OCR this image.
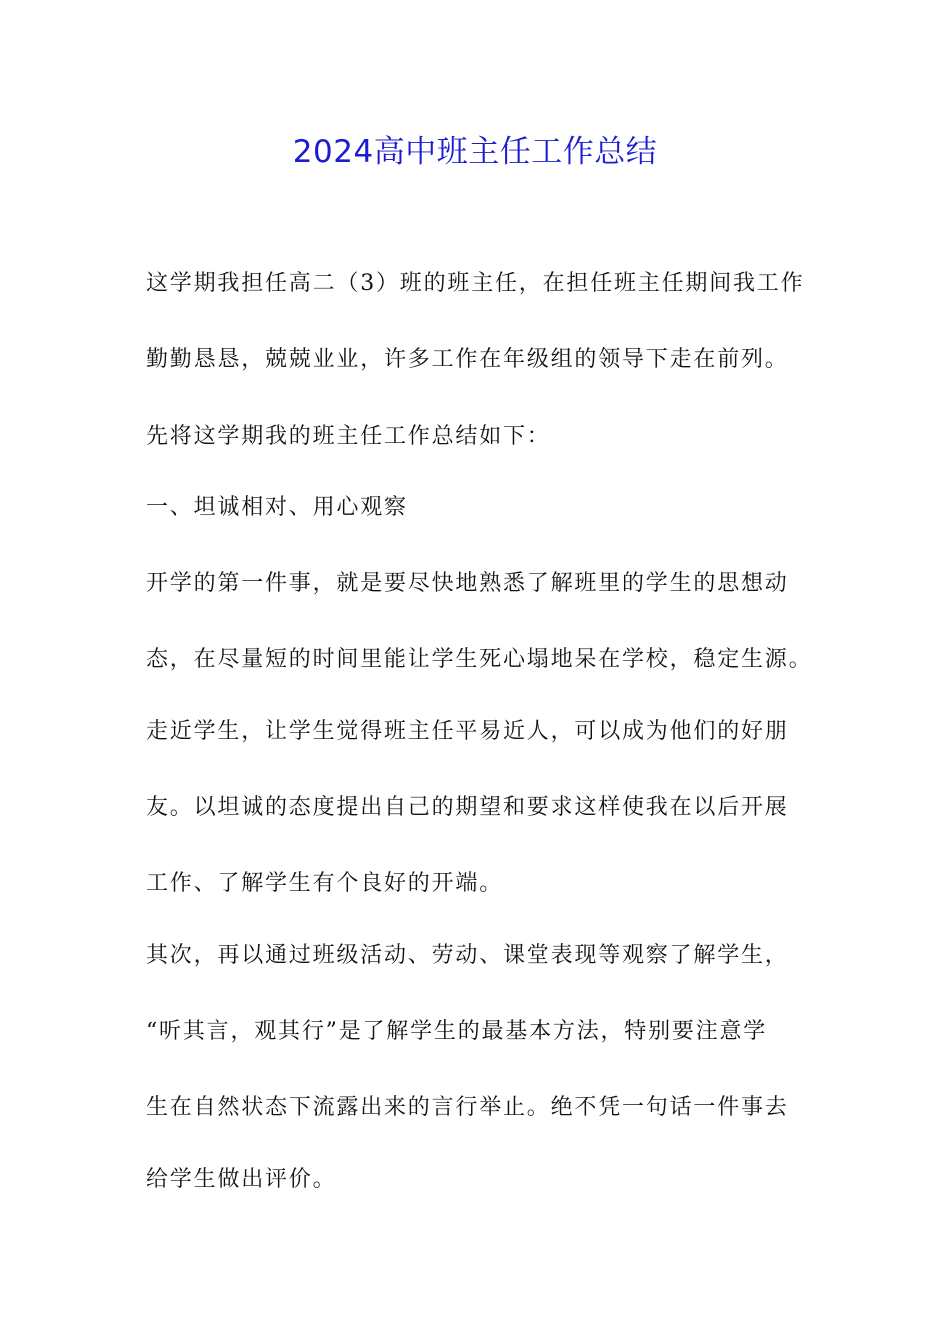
2024高中班主任工作总结
这学期我担任高二（3）班的班主任，在担任班主任期间我工作
勤勤恳恳，兢兢业业，许多工作在年级组的领导下走在前列。
先将这学期我的班主任工作总结如下：
一、坦诚相对、用心观察
开学的第一件事，就是要尽快地熟悉了解班里的学生的思想动
态，在尽量短的时间里能让学生死心塌地呆在学校，稳定生源。
走近学生，让学生觉得班主任平易近人，可以成为他们的好朋
友。以坦诚的态度提出自己的期望和要求这样使我在以后开展
工作、了解学生有个良好的开端。
其次，再以通过班级活动、劳动、课堂表现等观察了解学生，
“听其言，观其行”是了解学生的最基本方法，特别要注意学
生在自然状态下流露出来的言行举止。绝不凭一句话一件事去
给学生做出评价。
